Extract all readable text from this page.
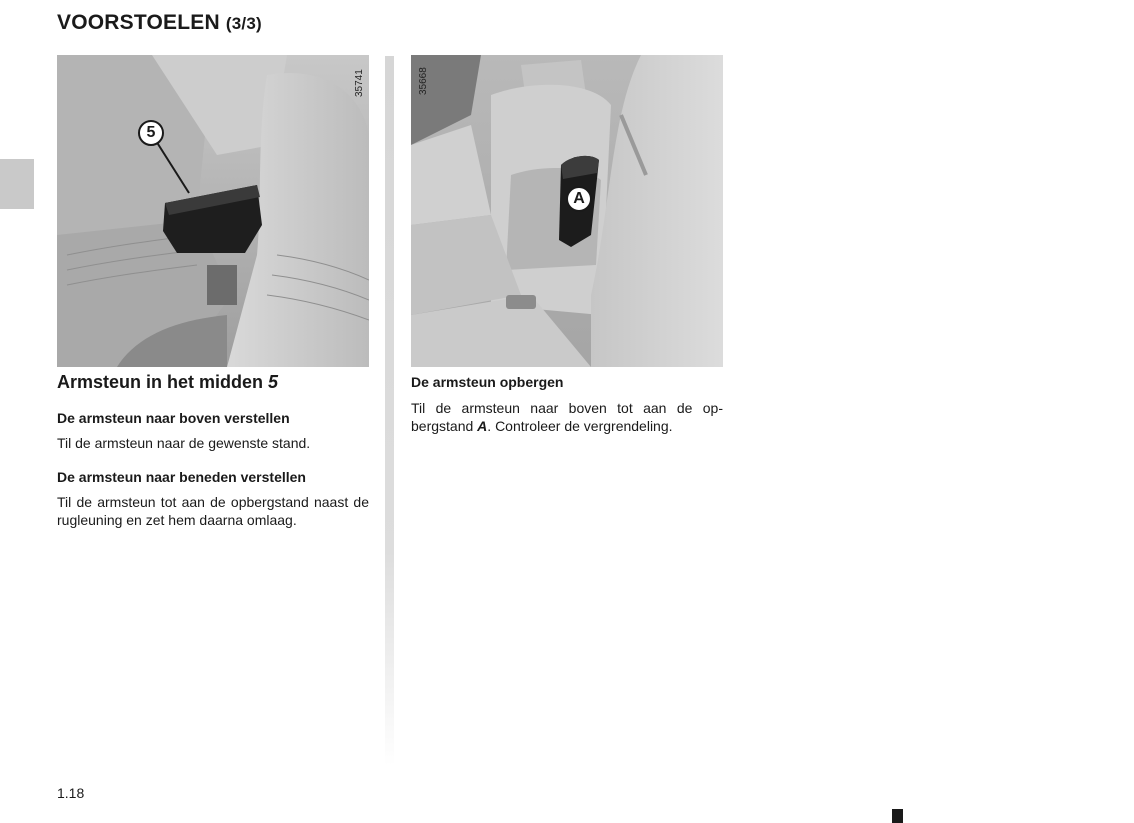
VOORSTOELEN (3/3)
35741
5
35668
A
Armsteun in het midden 5
De armsteun naar boven verstellen

Til de armsteun naar de gewenste stand.

De armsteun naar beneden verstellen

Til de armsteun tot aan de opbergstand naast de rugleuning en zet hem daarna omlaag.

De armsteun opbergen

Til de armsteun naar boven tot aan de op-bergstand A. Controleer de vergrendeling.

1.18
